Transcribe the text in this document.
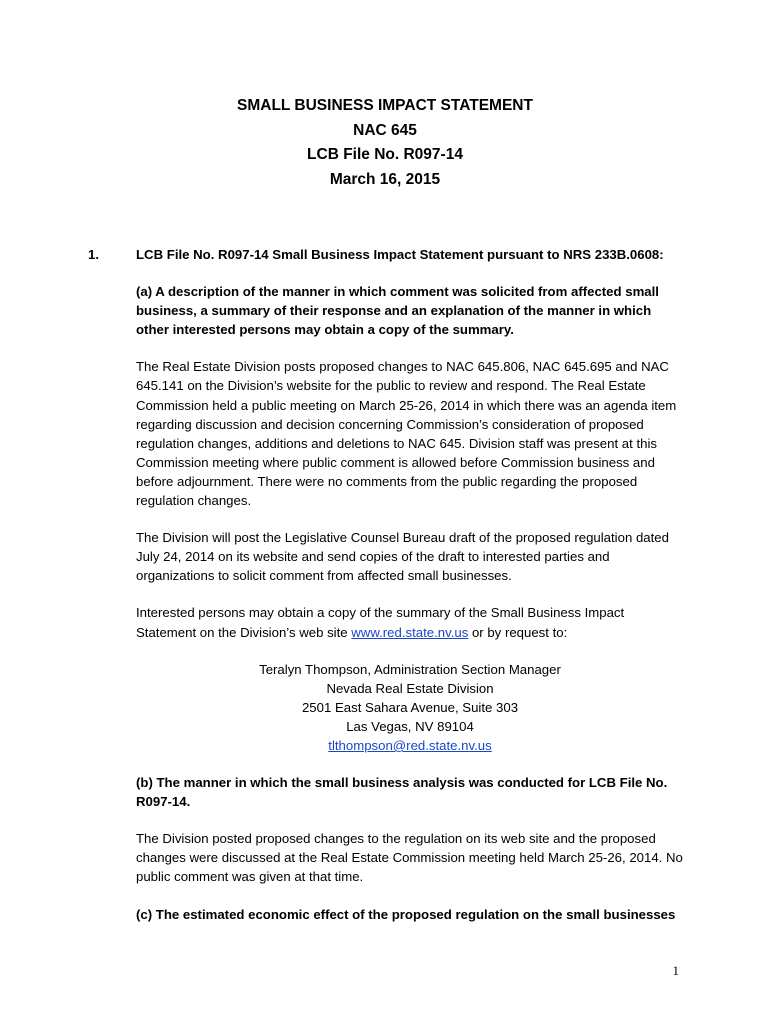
SMALL BUSINESS IMPACT STATEMENT
NAC 645
LCB File No. R097-14
March 16, 2015
1.	LCB File No. R097-14 Small Business Impact Statement pursuant to NRS 233B.0608:

(a) A description of the manner in which comment was solicited from affected small business, a summary of their response and an explanation of the manner in which other interested persons may obtain a copy of the summary.

The Real Estate Division posts proposed changes to NAC 645.806, NAC 645.695 and NAC 645.141 on the Division’s website for the public to review and respond. The Real Estate Commission held a public meeting on March 25-26, 2014 in which there was an agenda item regarding discussion and decision concerning Commission’s consideration of proposed regulation changes, additions and deletions to NAC 645. Division staff was present at this Commission meeting where public comment is allowed before Commission business and before adjournment. There were no comments from the public regarding the proposed regulation changes.

The Division will post the Legislative Counsel Bureau draft of the proposed regulation dated July 24, 2014 on its website and send copies of the draft to interested parties and organizations to solicit comment from affected small businesses.

Interested persons may obtain a copy of the summary of the Small Business Impact Statement on the Division’s web site www.red.state.nv.us or by request to:

Teralyn Thompson, Administration Section Manager
Nevada Real Estate Division
2501 East Sahara Avenue, Suite 303
Las Vegas, NV 89104
tlthompson@red.state.nv.us

(b) The manner in which the small business analysis was conducted for LCB File No. R097-14.

The Division posted proposed changes to the regulation on its web site and the proposed changes were discussed at the Real Estate Commission meeting held March 25-26, 2014. No public comment was given at that time.

(c) The estimated economic effect of the proposed regulation on the small businesses

1
